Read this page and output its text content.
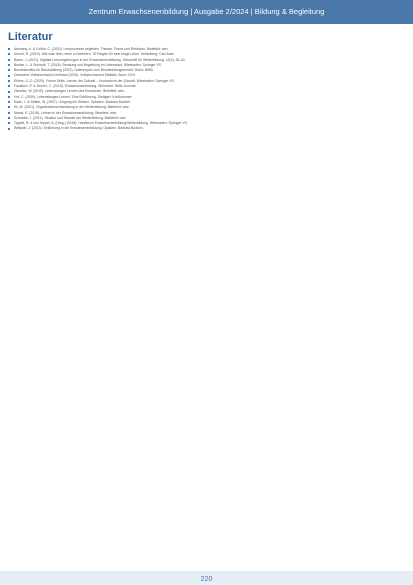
Zentrum Erwachsenenbildung | Ausgabe 2/2024 | Bildung & Begleitung
Literatur
Alemany, A. & Colibri, C. (2020). Lernprozesse begleiten. Theorie, Praxis und Reflexion. Bielefeld: wbv.
Arnold, R. (2019). Wie man lehrt, ohne zu belehren. 29 Regeln für eine kluge Lehre. Heidelberg: Carl-Auer.
Bauer, J. (2021). Digitale Lernumgebungen in der Erwachsenenbildung. Zeitschrift für Weiterbildung, 12(3), 45–62.
Becker, L. & Schmidt, T. (2018). Beratung und Begleitung im Lebenslauf. Wiesbaden: Springer VS.
Bundesinstitut für Berufsbildung (2022). Datenreport zum Berufsbildungsbericht. Bonn: BIBB.
Deutscher Volkshochschul-Verband (2020). Volkshochschul-Statistik. Bonn: DVV.
Ehlers, U.-D. (2020). Future Skills. Lernen der Zukunft – Hochschule der Zukunft. Wiesbaden: Springer VS.
Faulstich, P. & Zeuner, C. (2010). Erwachsenenbildung. Weinheim: Beltz Juventa.
Gieseke, W. (2019). Lebenslanges Lernen und Emotionen. Bielefeld: wbv.
Hof, C. (2009). Lebenslanges Lernen. Eine Einführung. Stuttgart: Kohlhammer.
Kade, J. & Seitter, W. (2007). Umgang mit Wissen. Opladen: Barbara Budrich.
Kil, M. (2021). Organisationsentwicklung in der Weiterbildung. Bielefeld: wbv.
Nuissl, E. (2018). Lehren in der Erwachsenenbildung. Bielefeld: wbv.
Schrader, J. (2011). Struktur und Wandel der Weiterbildung. Bielefeld: wbv.
Tippelt, R. & von Hippel, A. (Hrsg.) (2018). Handbuch Erwachsenenbildung/Weiterbildung. Wiesbaden: Springer VS.
Wittpoth, J. (2013). Einführung in die Erwachsenenbildung. Opladen: Barbara Budrich.
220
